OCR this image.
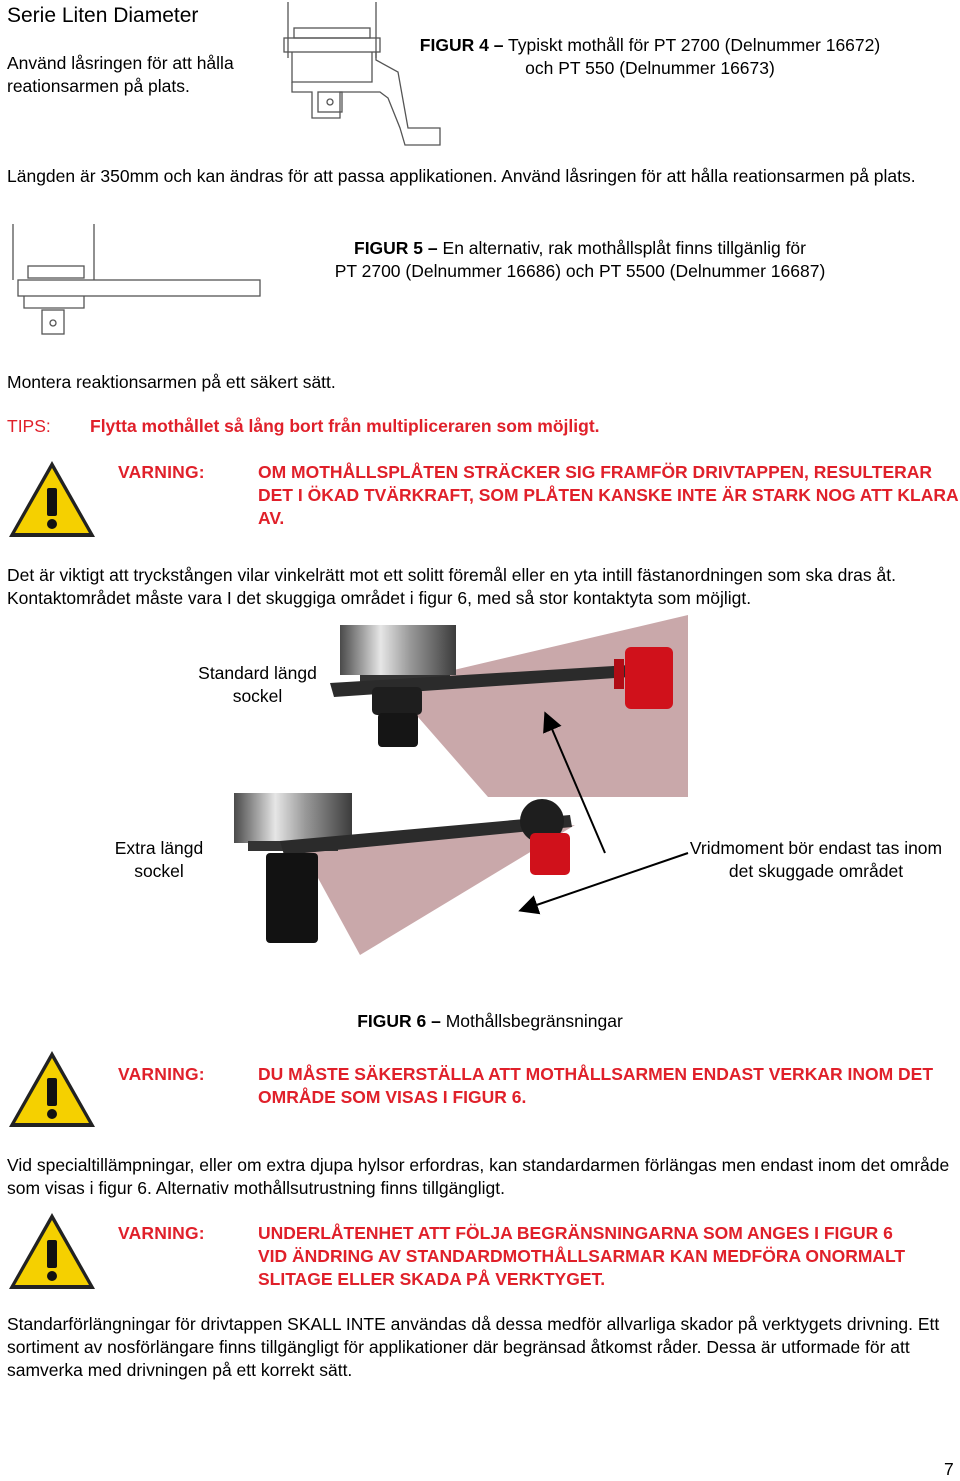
Serie Liten Diameter
Använd låsringen för att hålla reationsarmen på plats.
FIGUR 4 – Typiskt mothåll för PT 2700 (Delnummer 16672) och PT 550 (Delnummer 16673)
Längden är 350mm och kan ändras för att passa applikationen. Använd låsringen för att hålla reationsarmen på plats.
FIGUR 5 – En alternativ, rak mothållsplåt finns tillgänlig för
PT 2700 (Delnummer 16686) och PT 5500 (Delnummer 16687)
Montera reaktionsarmen på ett säkert sätt.
TIPS: Flytta mothållet så lång bort från multipliceraren som möjligt.
VARNING:	OM MOTHÅLLSPLÅTEN STRÄCKER SIG FRAMFÖR DRIVTAPPEN, RESULTERAR DET I ÖKAD TVÄRKRAFT, SOM PLÅTEN KANSKE INTE ÄR STARK NOG ATT KLARA AV.
Det är viktigt att tryckstången vilar vinkelrätt mot ett solitt föremål eller en yta intill fästanordningen som ska dras åt. Kontaktområdet måste vara I det skuggiga området i figur 6, med så stor kontaktyta som möjligt.
Standard längd sockel
Extra längd sockel
Vridmoment bör endast tas inom det skuggade området
FIGUR 6 – Mothållsbegränsningar
VARNING:	DU MÅSTE SÄKERSTÄLLA ATT MOTHÅLLSARMEN ENDAST VERKAR INOM DET OMRÅDE SOM VISAS I FIGUR 6.
Vid specialtillämpningar, eller om extra djupa hylsor erfordras, kan standardarmen förlängas men endast inom det område som visas i figur 6. Alternativ mothållsutrustning finns tillgängligt.
VARNING:	UNDERLÅTENHET ATT FÖLJA BEGRÄNSNINGARNA SOM ANGES I FIGUR 6 VID ÄNDRING AV STANDARDMOTHÅLLSARMAR KAN MEDFÖRA ONORMALT SLITAGE ELLER SKADA PÅ VERKTYGET.
Standarförlängningar för drivtappen SKALL INTE användas då dessa medför allvarliga skador på verktygets drivning. Ett sortiment av nosförlängare finns tillgängligt för applikationer där begränsad åtkomst råder. Dessa är utformade för att samverka med drivningen på ett korrekt sätt.
7
